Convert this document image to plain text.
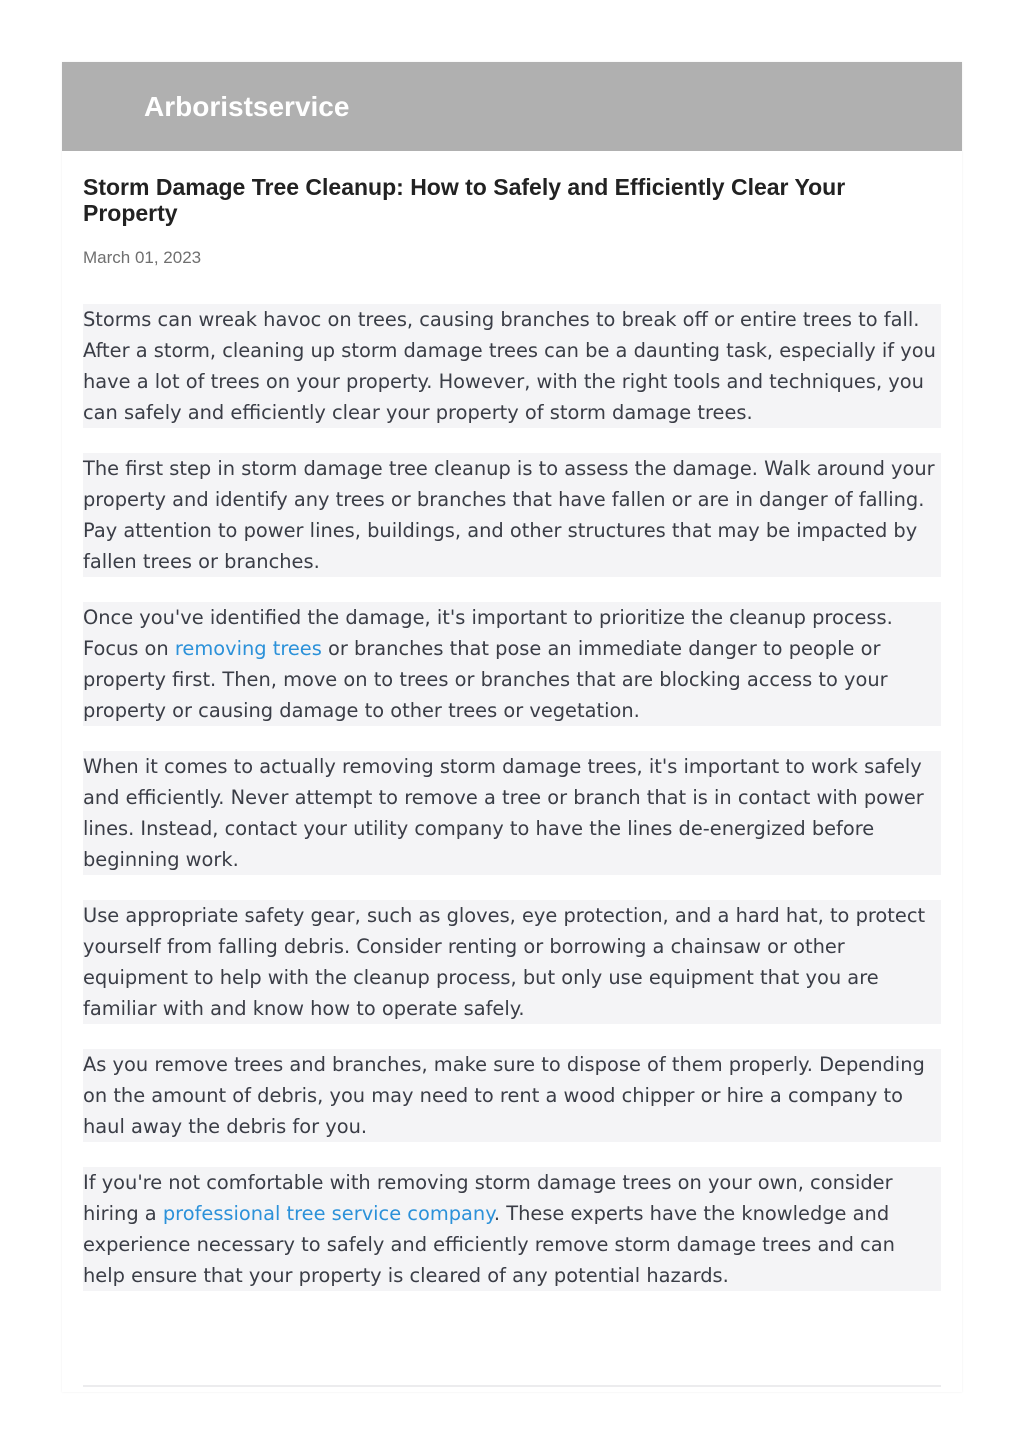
Arboristservice
Storm Damage Tree Cleanup: How to Safely and Efficiently Clear Your Property
March 01, 2023

Storms can wreak havoc on trees, causing branches to break off or entire trees to fall. After a storm, cleaning up storm damage trees can be a daunting task, especially if you have a lot of trees on your property. However, with the right tools and techniques, you can safely and efficiently clear your property of storm damage trees.

The first step in storm damage tree cleanup is to assess the damage. Walk around your property and identify any trees or branches that have fallen or are in danger of falling. Pay attention to power lines, buildings, and other structures that may be impacted by fallen trees or branches.

Once you've identified the damage, it's important to prioritize the cleanup process. Focus on removing trees or branches that pose an immediate danger to people or property first. Then, move on to trees or branches that are blocking access to your property or causing damage to other trees or vegetation.

When it comes to actually removing storm damage trees, it's important to work safely and efficiently. Never attempt to remove a tree or branch that is in contact with power lines. Instead, contact your utility company to have the lines de-energized before beginning work.

Use appropriate safety gear, such as gloves, eye protection, and a hard hat, to protect yourself from falling debris. Consider renting or borrowing a chainsaw or other equipment to help with the cleanup process, but only use equipment that you are familiar with and know how to operate safely.

As you remove trees and branches, make sure to dispose of them properly. Depending on the amount of debris, you may need to rent a wood chipper or hire a company to haul away the debris for you.

If you're not comfortable with removing storm damage trees on your own, consider hiring a professional tree service company. These experts have the knowledge and experience necessary to safely and efficiently remove storm damage trees and can help ensure that your property is cleared of any potential hazards.
